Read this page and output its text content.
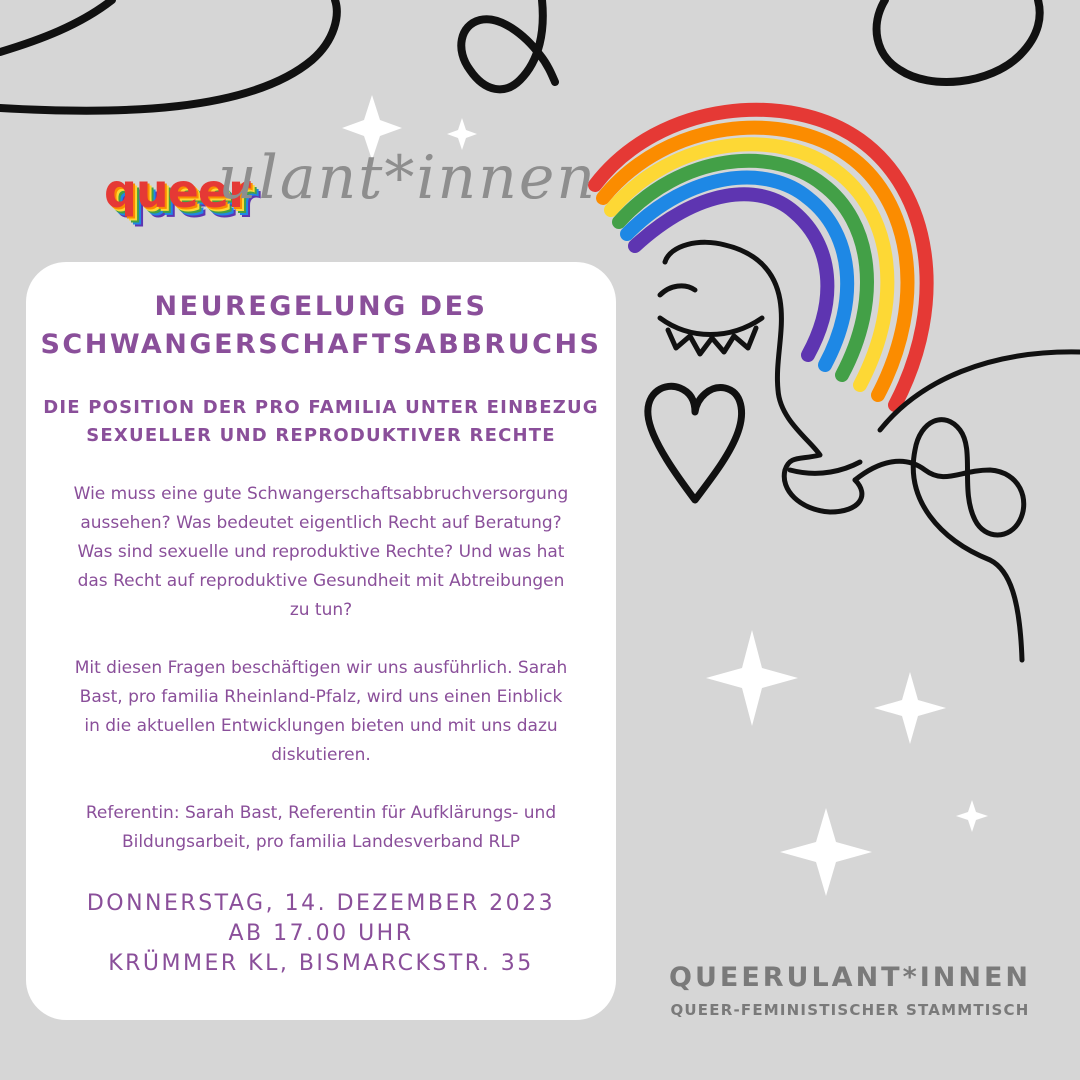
queer
ulant*innen
NEUREGELUNG DES
SCHWANGERSCHAFTSABBRUCHS
DIE POSITION DER PRO FAMILIA UNTER EINBEZUG
SEXUELLER UND REPRODUKTIVER RECHTE
Wie muss eine gute Schwangerschaftsabbruchversorgung
aussehen? Was bedeutet eigentlich Recht auf Beratung?
Was sind sexuelle und reproduktive Rechte? Und was hat
das Recht auf reproduktive Gesundheit mit Abtreibungen
zu tun?
Mit diesen Fragen beschäftigen wir uns ausführlich. Sarah
Bast, pro familia Rheinland-Pfalz, wird uns einen Einblick
in die aktuellen Entwicklungen bieten und mit uns dazu
diskutieren.
Referentin: Sarah Bast, Referentin für Aufklärungs- und
Bildungsarbeit, pro familia Landesverband RLP
DONNERSTAG, 14. DEZEMBER 2023
AB 17.00 UHR
KRÜMMER KL, BISMARCKSTR. 35	QUEERULANT*INNEN
QUEER-FEMINISTISCHER STAMMTISCH
